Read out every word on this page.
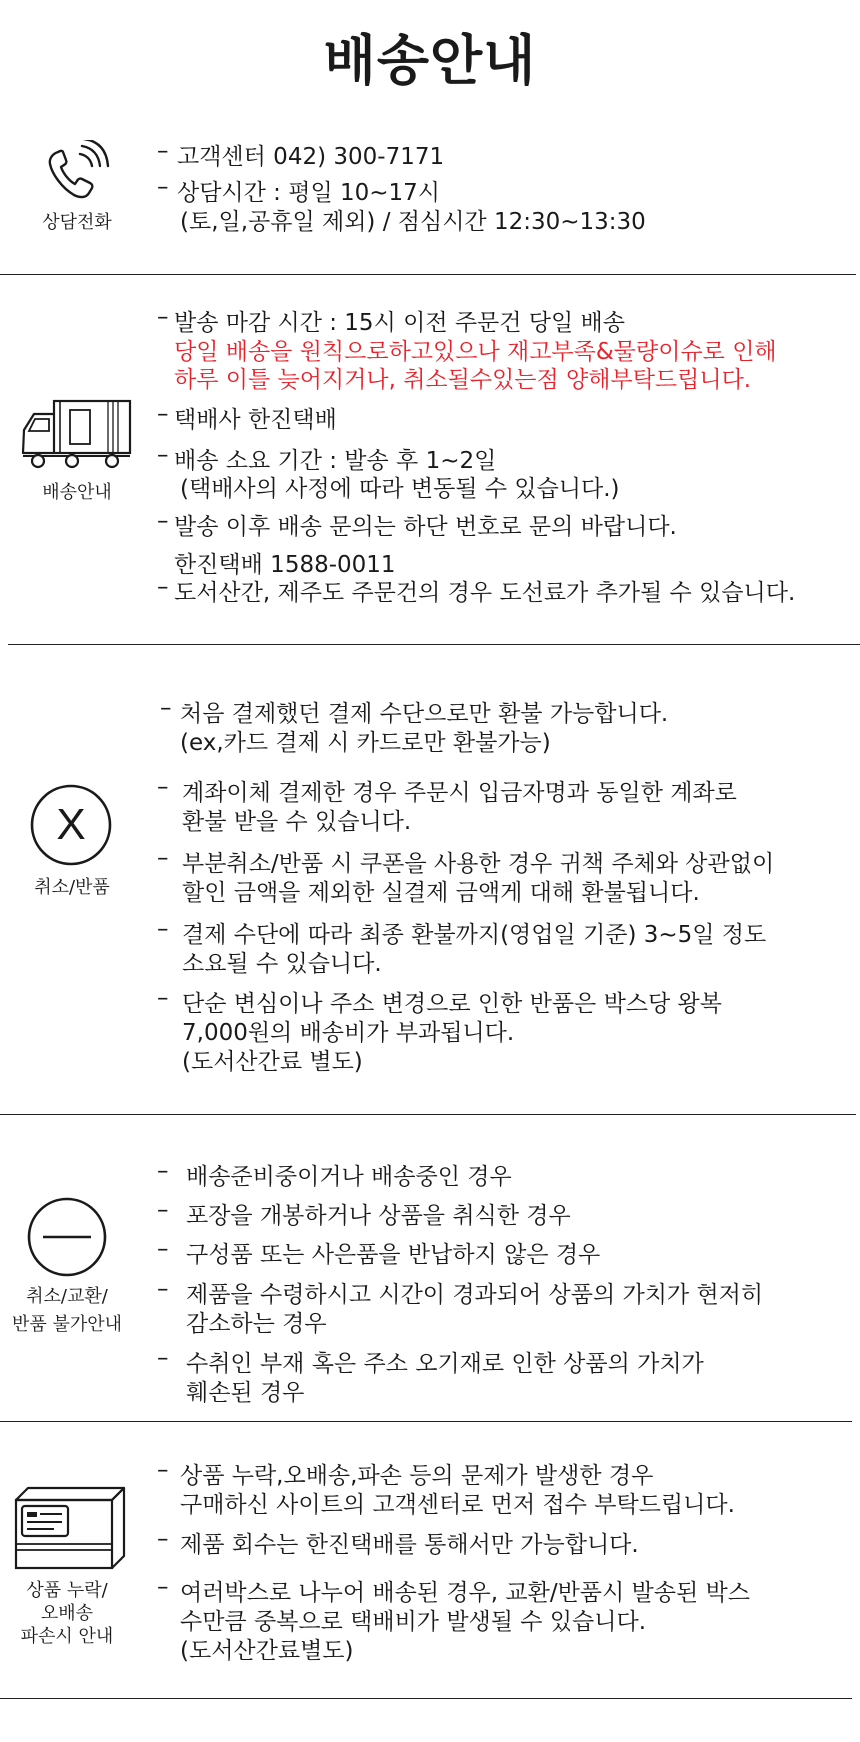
배송안내
상담전화
– 고객센터 042) 300-7171
– 상담시간 : 평일 10~17시
(토,일,공휴일 제외) / 점심시간 12:30~13:30
배송안내
– 발송 마감 시간 : 15시 이전 주문건 당일 배송
당일 배송을 원칙으로하고있으나 재고부족&물량이슈로 인해
하루 이틀 늦어지거나, 취소될수있는점 양해부탁드립니다.
– 택배사 한진택배
– 배송 소요 기간 : 발송 후 1~2일
(택배사의 사정에 따라 변동될 수 있습니다.)
– 발송 이후 배송 문의는 하단 번호로 문의 바랍니다.
한진택배 1588-0011
– 도서산간, 제주도 주문건의 경우 도선료가 추가될 수 있습니다.
X
취소/반품
– 처음 결제했던 결제 수단으로만 환불 가능합니다.
(ex,카드 결제 시 카드로만 환불가능)
– 계좌이체 결제한 경우 주문시 입금자명과 동일한 계좌로
환불 받을 수 있습니다.
– 부분취소/반품 시 쿠폰을 사용한 경우 귀책 주체와 상관없이
할인 금액을 제외한 실결제 금액게 대해 환불됩니다.
– 결제 수단에 따라 최종 환불까지(영업일 기준) 3~5일 정도
소요될 수 있습니다.
– 단순 변심이나 주소 변경으로 인한 반품은 박스당 왕복
7,000원의 배송비가 부과됩니다.
(도서산간료 별도)
취소/교환/
반품 불가안내
– 배송준비중이거나 배송중인 경우
– 포장을 개봉하거나 상품을 취식한 경우
– 구성품 또는 사은품을 반납하지 않은 경우
– 제품을 수령하시고 시간이 경과되어 상품의 가치가 현저히
감소하는 경우
– 수취인 부재 혹은 주소 오기재로 인한 상품의 가치가
훼손된 경우
상품 누락/
오배송
파손시 안내
– 상품 누락,오배송,파손 등의 문제가 발생한 경우
구매하신 사이트의 고객센터로 먼저 접수 부탁드립니다.
– 제품 회수는 한진택배를 통해서만 가능합니다.
– 여러박스로 나누어 배송된 경우, 교환/반품시 발송된 박스
수만큼 중복으로 택배비가 발생될 수 있습니다.
(도서산간료별도)
